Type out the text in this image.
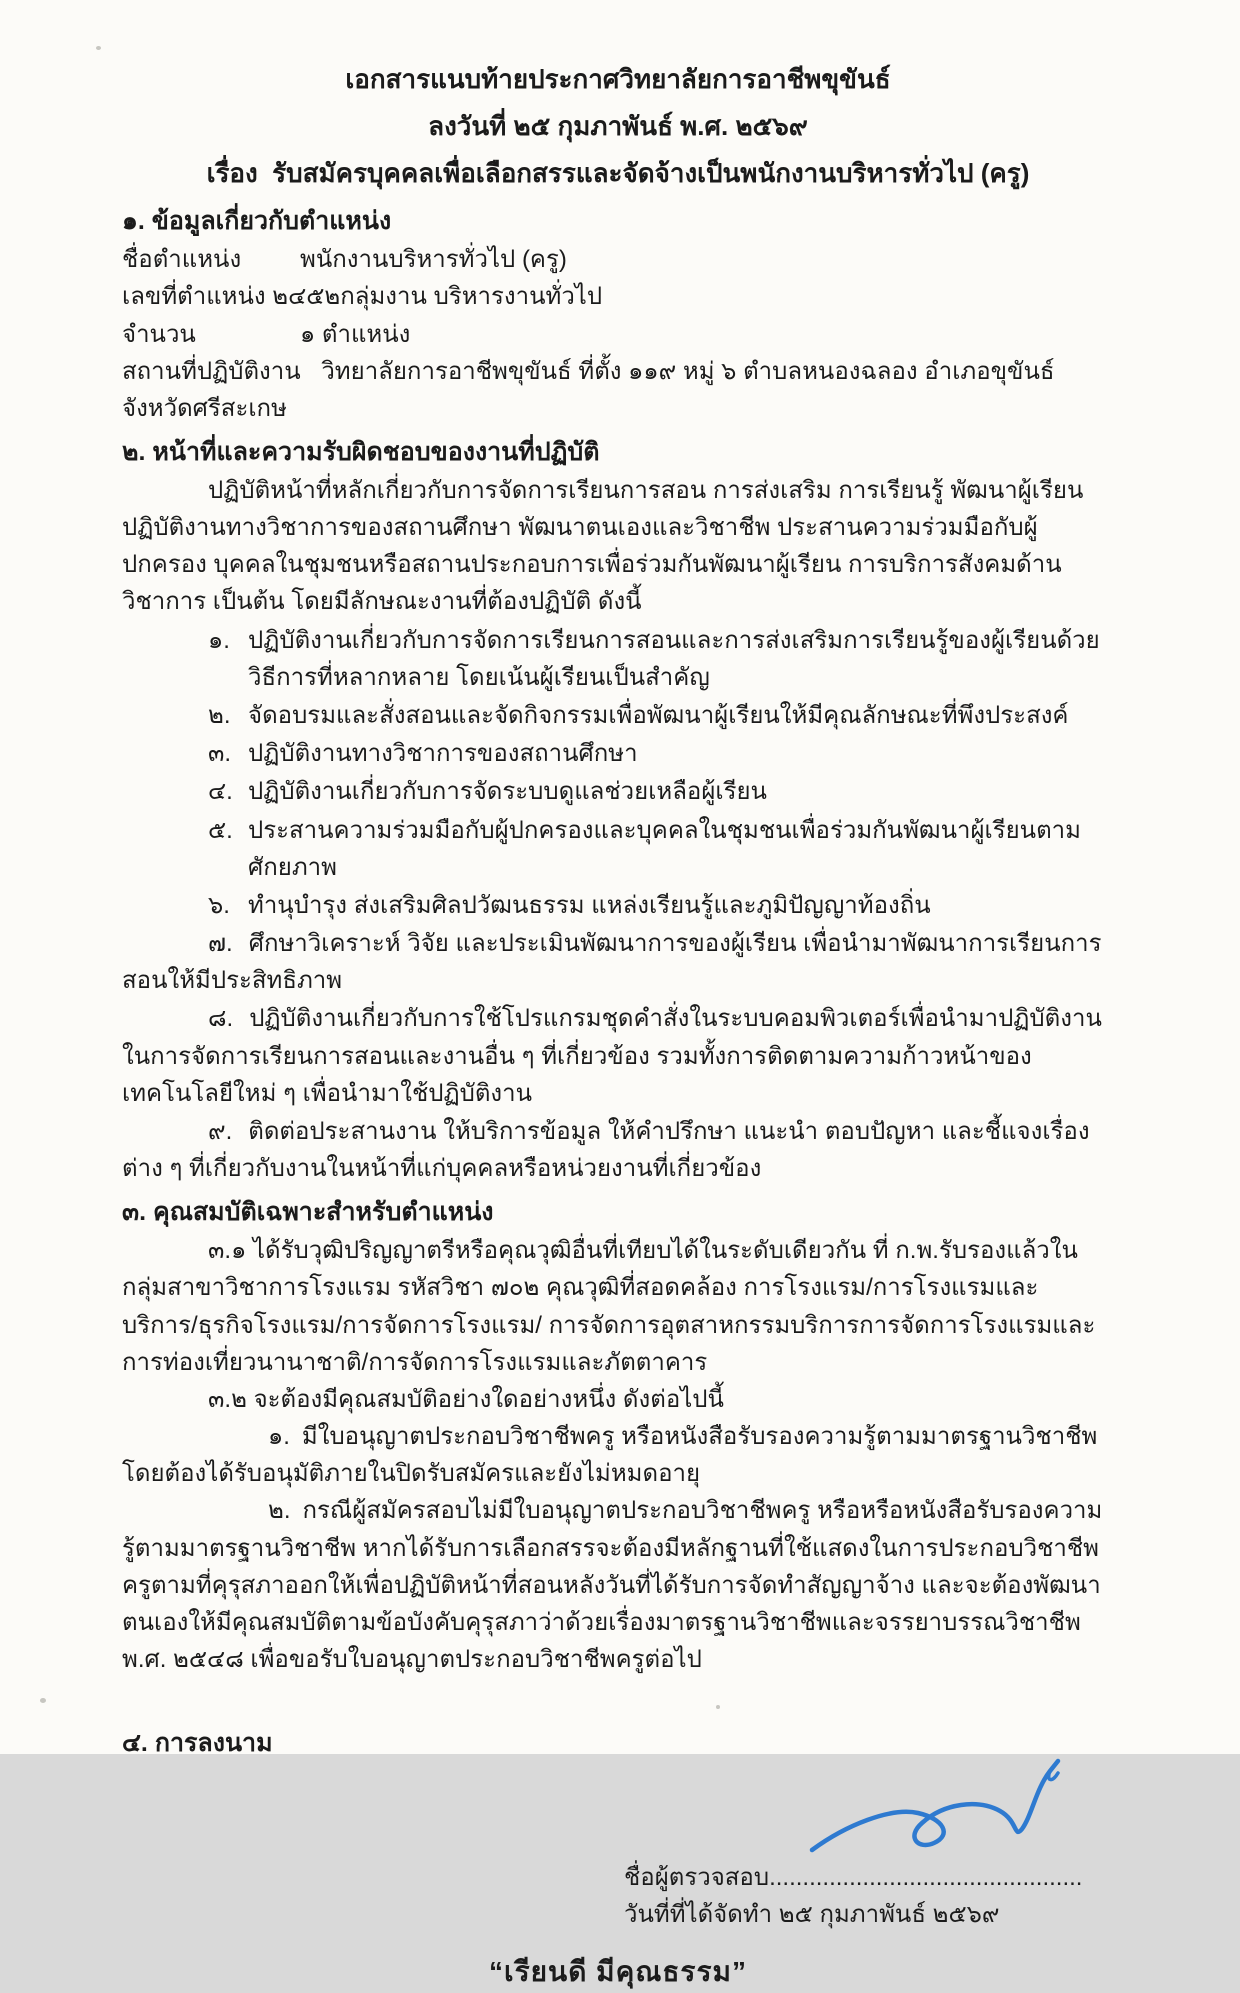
เอกสารแนบท้ายประกาศวิทยาลัยการอาชีพขุขันธ์
ลงวันที่ ๒๕ กุมภาพันธ์ พ.ศ. ๒๕๖๙
เรื่อง  รับสมัครบุคคลเพื่อเลือกสรรและจัดจ้างเป็นพนักงานบริหารทั่วไป (ครู)
๑. ข้อมูลเกี่ยวกับตำแหน่ง
ชื่อตำแหน่ง	พนักงานบริหารทั่วไป (ครู)
เลขที่ตำแหน่ง ๒๔๕๒ กลุ่มงาน บริหารงานทั่วไป
จำนวน	๑ ตำแหน่ง
สถานที่ปฏิบัติงาน วิทยาลัยการอาชีพขุขันธ์ ที่ตั้ง ๑๑๙ หมู่ ๖ ตำบลหนองฉลอง อำเภอขุขันธ์ จังหวัดศรีสะเกษ
๒. หน้าที่และความรับผิดชอบของงานที่ปฏิบัติ

ปฏิบัติหน้าที่หลักเกี่ยวกับการจัดการเรียนการสอน การส่งเสริม การเรียนรู้ พัฒนาผู้เรียน ปฏิบัติงานทางวิชาการของสถานศึกษา พัฒนาตนเองและวิชาชีพ ประสานความร่วมมือกับผู้ปกครอง บุคคลในชุมชนหรือสถานประกอบการเพื่อร่วมกันพัฒนาผู้เรียน การบริการสังคมด้านวิชาการ เป็นต้น โดยมีลักษณะงานที่ต้องปฏิบัติ ดังนี้

๑. ปฏิบัติงานเกี่ยวกับการจัดการเรียนการสอนและการส่งเสริมการเรียนรู้ของผู้เรียนด้วยวิธีการที่หลากหลาย โดยเน้นผู้เรียนเป็นสำคัญ
๒. จัดอบรมและสั่งสอนและจัดกิจกรรมเพื่อพัฒนาผู้เรียนให้มีคุณลักษณะที่พึงประสงค์
๓. ปฏิบัติงานทางวิชาการของสถานศึกษา
๔. ปฏิบัติงานเกี่ยวกับการจัดระบบดูแลช่วยเหลือผู้เรียน
๕. ประสานความร่วมมือกับผู้ปกครองและบุคคลในชุมชนเพื่อร่วมกันพัฒนาผู้เรียนตามศักยภาพ
๖. ทำนุบำรุง ส่งเสริมศิลปวัฒนธรรม แหล่งเรียนรู้และภูมิปัญญาท้องถิ่น
๗. ศึกษาวิเคราะห์ วิจัย และประเมินพัฒนาการของผู้เรียน เพื่อนำมาพัฒนาการเรียนการสอนให้มีประสิทธิภาพ
๘. ปฏิบัติงานเกี่ยวกับการใช้โปรแกรมชุดคำสั่งในระบบคอมพิวเตอร์เพื่อนำมาปฏิบัติงานในการจัดการเรียนการสอนและงานอื่น ๆ ที่เกี่ยวข้อง รวมทั้งการติดตามความก้าวหน้าของเทคโนโลยีใหม่ ๆ เพื่อนำมาใช้ปฏิบัติงาน
๙. ติดต่อประสานงาน ให้บริการข้อมูล ให้คำปรึกษา แนะนำ ตอบปัญหา และชี้แจงเรื่องต่าง ๆ ที่เกี่ยวกับงานในหน้าที่แก่บุคคลหรือหน่วยงานที่เกี่ยวข้อง
๓. คุณสมบัติเฉพาะสำหรับตำแหน่ง

๓.๑ ได้รับวุฒิปริญญาตรีหรือคุณวุฒิอื่นที่เทียบได้ในระดับเดียวกัน ที่ ก.พ.รับรองแล้วในกลุ่มสาขาวิชาการโรงแรม รหัสวิชา ๗๐๒ คุณวุฒิที่สอดคล้อง การโรงแรม/การโรงแรมและบริการ/ธุรกิจโรงแรม/การจัดการโรงแรม/ การจัดการอุตสาหกรรมบริการการจัดการโรงแรมและการท่องเที่ยวนานาชาติ/การจัดการโรงแรมและภัตตาคาร

๓.๒ จะต้องมีคุณสมบัติอย่างใดอย่างหนึ่ง ดังต่อไปนี้

๑. มีใบอนุญาตประกอบวิชาชีพครู หรือหนังสือรับรองความรู้ตามมาตรฐานวิชาชีพ โดยต้องได้รับอนุมัติภายในปิดรับสมัครและยังไม่หมดอายุ
๒. กรณีผู้สมัครสอบไม่มีใบอนุญาตประกอบวิชาชีพครู หรือหรือหนังสือรับรองความรู้ตามมาตรฐานวิชาชีพ หากได้รับการเลือกสรรจะต้องมีหลักฐานที่ใช้แสดงในการประกอบวิชาชีพครูตามที่คุรุสภาออกให้เพื่อปฏิบัติหน้าที่สอนหลังวันที่ได้รับการจัดทำสัญญาจ้าง และจะต้องพัฒนาตนเองให้มีคุณสมบัติตามข้อบังคับคุรุสภาว่าด้วยเรื่องมาตรฐานวิชาชีพและจรรยาบรรณวิชาชีพ พ.ศ. ๒๕๔๘ เพื่อขอรับใบอนุญาตประกอบวิชาชีพครูต่อไป
๔. การลงนาม
ชื่อผู้ตรวจสอบ...............................................
วันที่ที่ได้จัดทำ ๒๕ กุมภาพันธ์ ๒๕๖๙
“เรียนดี มีคุณธรรม”
